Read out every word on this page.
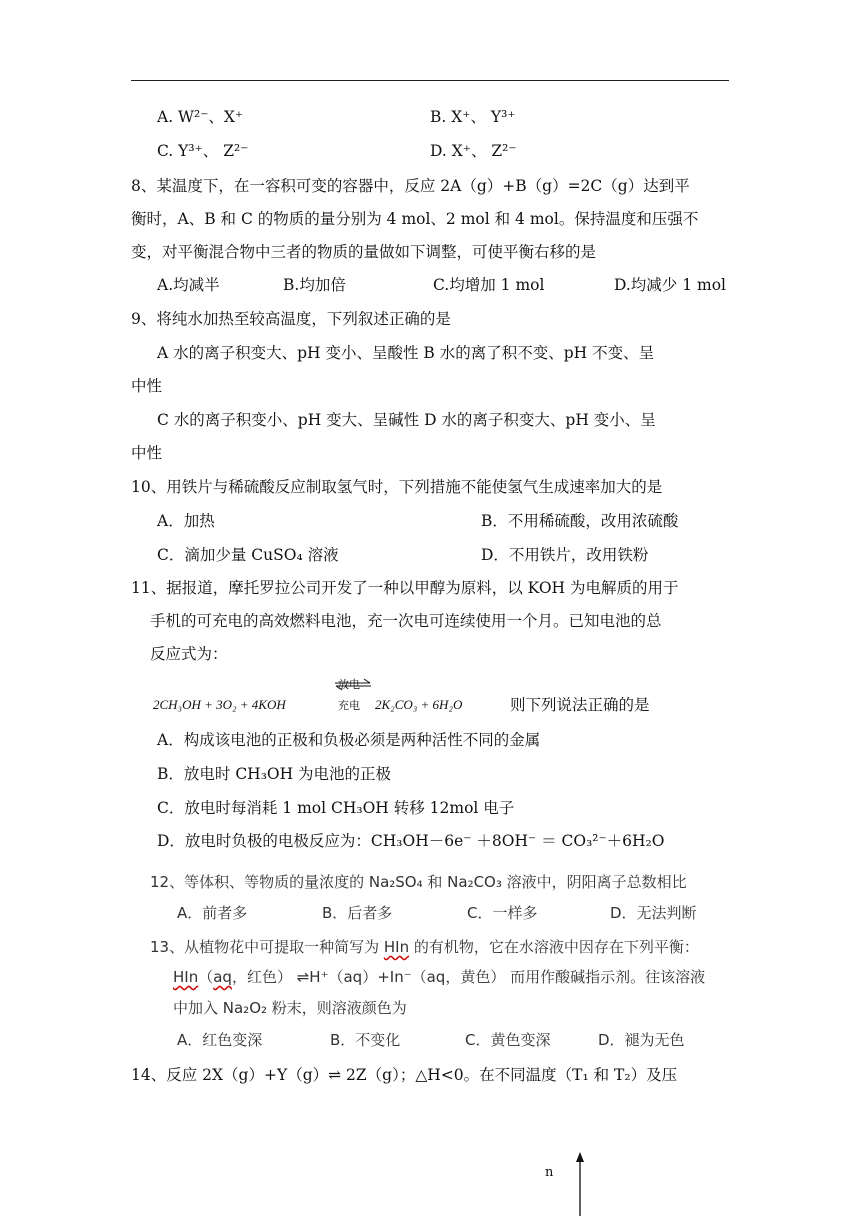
A. W²⁻、X⁺	B. X⁺、 Y³⁺
C. Y³⁺、 Z²⁻	D. X⁺、 Z²⁻
8、某温度下，在一容积可变的容器中，反应 2A（g）+B（g）=2C（g）达到平
衡时，A、B 和 C 的物质的量分别为 4 mol、2 mol 和 4 mol。保持温度和压强不
变，对平衡混合物中三者的物质的量做如下调整，可使平衡右移的是
A.均减半	B.均加倍	C.均增加 1 mol	D.均减少 1 mol
9、将纯水加热至较高温度，下列叙述正确的是
A 水的离子积变大、pH 变小、呈酸性 B 水的离了积不变、pH 不变、呈
中性
C 水的离子积变小、pH 变大、呈碱性 D 水的离子积变大、pH 变小、呈
中性
10、用铁片与稀硫酸反应制取氢气时，下列措施不能使氢气生成速率加大的是
A．加热	B．不用稀硫酸，改用浓硫酸
C．滴加少量 CuSO₄ 溶液	D．不用铁片，改用铁粉
11、据报道，摩托罗拉公司开发了一种以甲醇为原料，以 KOH 为电解质的用于
手机的可充电的高效燃料电池，充一次电可连续使用一个月。已知电池的总
反应式为：
2CH₃OH + 3O₂ + 4KOH
放电
充电 2K₂CO₃ + 6H₂O	则下列说法正确的是
A．构成该电池的正极和负极必须是两种活性不同的金属
B．放电时 CH₃OH 为电池的正极
C．放电时每消耗 1 mol CH₃OH 转移 12mol 电子
D．放电时负极的电极反应为：CH₃OH－6e⁻ ＋8OH⁻ ＝ CO₃²⁻＋6H₂O
12、等体积、等物质的量浓度的 Na₂SO₄ 和 Na₂CO₃ 溶液中，阴阳离子总数相比
A．前者多	B．后者多	C．一样多	D．无法判断
13、从植物花中可提取一种简写为 HIn 的有机物，它在水溶液中因存在下列平衡：
HIn（aq，红色） ⇌H⁺（aq）+In⁻（aq，黄色） 而用作酸碱指示剂。往该溶液
中加入 Na₂O₂ 粉末，则溶液颜色为
A．红色变深	B．不变化	C．黄色变深	D．褪为无色
14、反应 2X（g）+Y（g）⇌ 2Z（g）；△H<0。在不同温度（T₁ 和 T₂）及压
n
